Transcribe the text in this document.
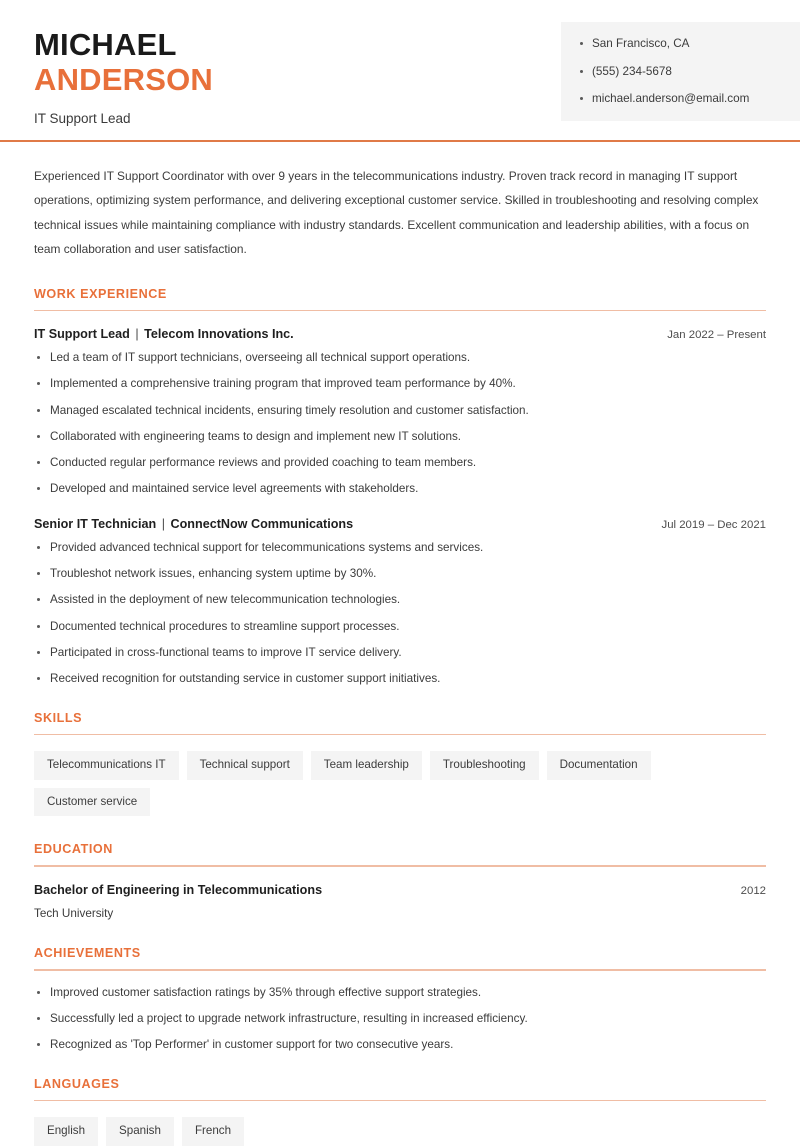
MICHAEL
ANDERSON
IT Support Lead
San Francisco, CA
(555) 234-5678
michael.anderson@email.com

Experienced IT Support Coordinator with over 9 years in the telecommunications industry. Proven track record in managing IT support operations, optimizing system performance, and delivering exceptional customer service. Skilled in troubleshooting and resolving complex technical issues while maintaining compliance with industry standards. Excellent communication and leadership abilities, with a focus on team collaboration and user satisfaction.

WORK EXPERIENCE
IT Support Lead | Telecom Innovations Inc.	Jan 2022 – Present
Led a team of IT support technicians, overseeing all technical support operations.
Implemented a comprehensive training program that improved team performance by 40%.
Managed escalated technical incidents, ensuring timely resolution and customer satisfaction.
Collaborated with engineering teams to design and implement new IT solutions.
Conducted regular performance reviews and provided coaching to team members.
Developed and maintained service level agreements with stakeholders.
Senior IT Technician | ConnectNow Communications	Jul 2019 – Dec 2021
Provided advanced technical support for telecommunications systems and services.
Troubleshot network issues, enhancing system uptime by 30%.
Assisted in the deployment of new telecommunication technologies.
Documented technical procedures to streamline support processes.
Participated in cross-functional teams to improve IT service delivery.
Received recognition for outstanding service in customer support initiatives.
SKILLS
Telecommunications IT	Technical support	Team leadership	Troubleshooting	Documentation
Customer service
EDUCATION
Bachelor of Engineering in Telecommunications	2012
Tech University
ACHIEVEMENTS
Improved customer satisfaction ratings by 35% through effective support strategies.
Successfully led a project to upgrade network infrastructure, resulting in increased efficiency.
Recognized as 'Top Performer' in customer support for two consecutive years.
LANGUAGES
English	Spanish	French
